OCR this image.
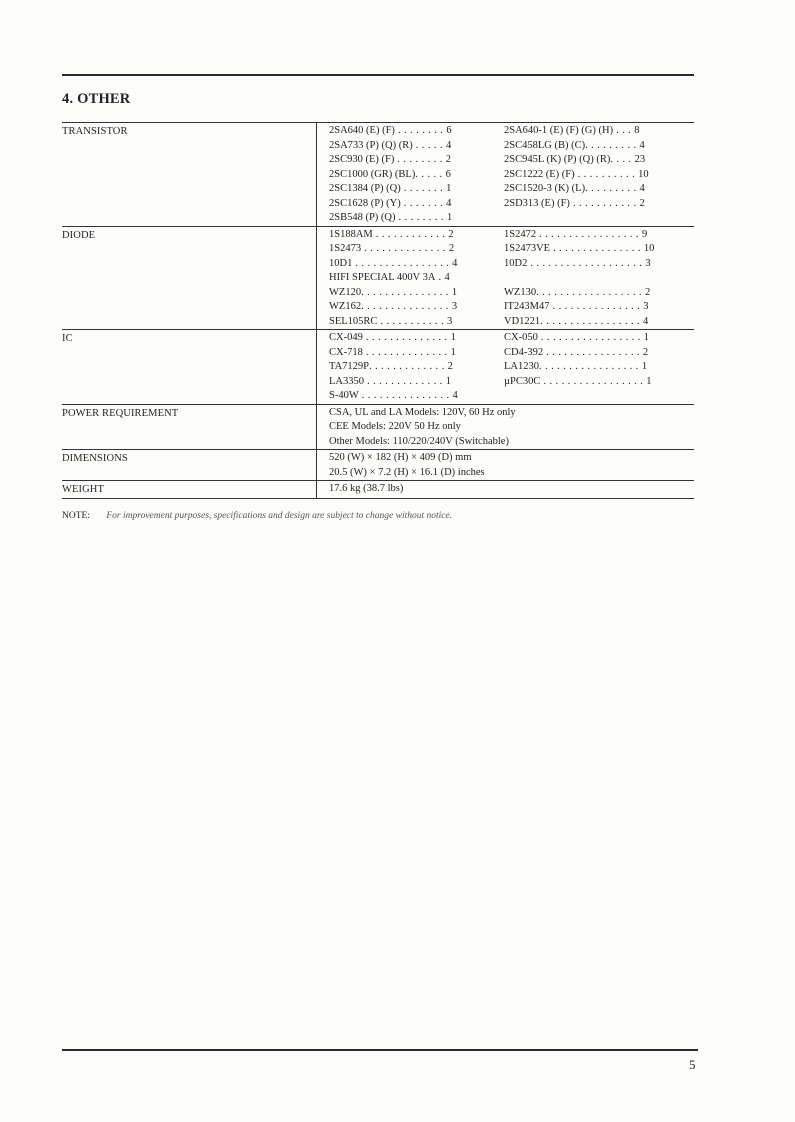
4. OTHER
TRANSISTOR	2SA640 (E) (F) . . . . . . . . 6	2SA640-1 (E) (F) (G) (H) . . . 8
2SA733 (P) (Q) (R) . . . . . 4	2SC458LG (B) (C). . . . . . . . . 4
2SC930 (E) (F) . . . . . . . . 2	2SC945L (K) (P) (Q) (R). . . . 23
2SC1000 (GR) (BL). . . . . 6	2SC1222 (E) (F) . . . . . . . . . . 10
2SC1384 (P) (Q) . . . . . . . 1	2SC1520-3 (K) (L). . . . . . . . . 4
2SC1628 (P) (Y) . . . . . . . 4	2SD313 (E) (F) . . . . . . . . . . . 2
2SB548 (P) (Q) . . . . . . . . 1
DIODE	1S188AM . . . . . . . . . . . . 2	1S2472 . . . . . . . . . . . . . . . . . 9
1S2473 . . . . . . . . . . . . . . 2	1S2473VE . . . . . . . . . . . . . . . 10
10D1 . . . . . . . . . . . . . . . . 4	10D2 . . . . . . . . . . . . . . . . . . . 3
HIFI SPECIAL 400V 3A . 4

WZ120. . . . . . . . . . . . . . . 1	WZ130. . . . . . . . . . . . . . . . . . 2
WZ162. . . . . . . . . . . . . . . 3	IT243M47 . . . . . . . . . . . . . . . 3
SEL105RC . . . . . . . . . . . 3	VD1221. . . . . . . . . . . . . . . . . 4
IC	CX-049 . . . . . . . . . . . . . . 1	CX-050 . . . . . . . . . . . . . . . . . 1
CX-718 . . . . . . . . . . . . . . 1	CD4-392 . . . . . . . . . . . . . . . . 2
TA7129P. . . . . . . . . . . . . 2	LA1230. . . . . . . . . . . . . . . . . 1
LA3350 . . . . . . . . . . . . . 1	µPC30C . . . . . . . . . . . . . . . . . 1
S-40W . . . . . . . . . . . . . . . 4
POWER REQUIREMENT	CSA, UL and LA Models: 120V, 60 Hz only
CEE Models: 220V 50 Hz only
Other Models: 110/220/240V (Switchable)
DIMENSIONS	520 (W) × 182 (H) × 409 (D) mm
20.5 (W) × 7.2 (H) × 16.1 (D) inches
WEIGHT	17.6 kg (38.7 lbs)
NOTE: For improvement purposes, specifications and design are subject to change without notice.
5
